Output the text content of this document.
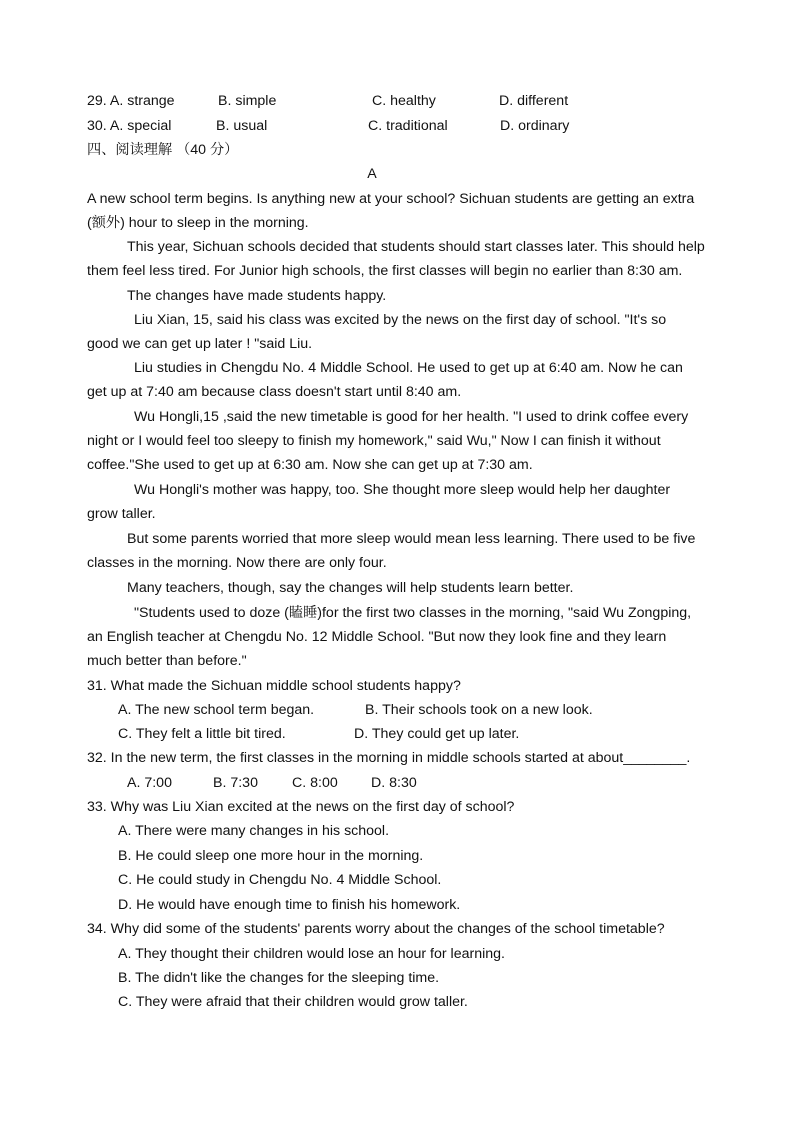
29. A. strange	B. simple	C. healthy	D. different
30. A. special	B. usual	C. traditional	D. ordinary
四、阅读理解 （40 分）
A
A new school term begins. Is anything new at your school? Sichuan students are getting an extra
(额外) hour to sleep in the morning.
This year, Sichuan schools decided that students should start classes later. This should help
them feel less tired. For Junior high schools, the first classes will begin no earlier than 8:30 am.
The changes have made students happy.
Liu Xian, 15, said his class was excited by the news on the first day of school. "It's so
good we can get up later ! "said Liu.
Liu studies in Chengdu No. 4 Middle School. He used to get up at 6:40 am. Now he can
get up at 7:40 am because class doesn't start until 8:40 am.
Wu Hongli,15 ,said the new timetable is good for her health. "I used to drink coffee every
night or I would feel too sleepy to finish my homework," said Wu," Now I can finish it without
coffee."She used to get up at 6:30 am. Now she can get up at 7:30 am.
Wu Hongli's mother was happy, too. She thought more sleep would help her daughter
grow taller.
But some parents worried that more sleep would mean less learning. There used to be five
classes in the morning. Now there are only four.
Many teachers, though, say the changes will help students learn better.
"Students used to doze (瞌睡)for the first two classes in the morning, "said Wu Zongping,
an English teacher at Chengdu No. 12 Middle School. "But now they look fine and they learn
much better than before."
31. What made the Sichuan middle school students happy?
A. The new school term began.	B. Their schools took on a new look.
C. They felt a little bit tired.	D. They could get up later.
32. In the new term, the first classes in the morning in middle schools started at about________.
A. 7:00	B. 7:30 C. 8:00 D. 8:30
33. Why was Liu Xian excited at the news on the first day of school?
A. There were many changes in his school.
B. He could sleep one more hour in the morning.
C. He could study in Chengdu No. 4 Middle School.
D. He would have enough time to finish his homework.
34. Why did some of the students' parents worry about the changes of the school timetable?
A. They thought their children would lose an hour for learning.
B. The didn't like the changes for the sleeping time.
C. They were afraid that their children would grow taller.
